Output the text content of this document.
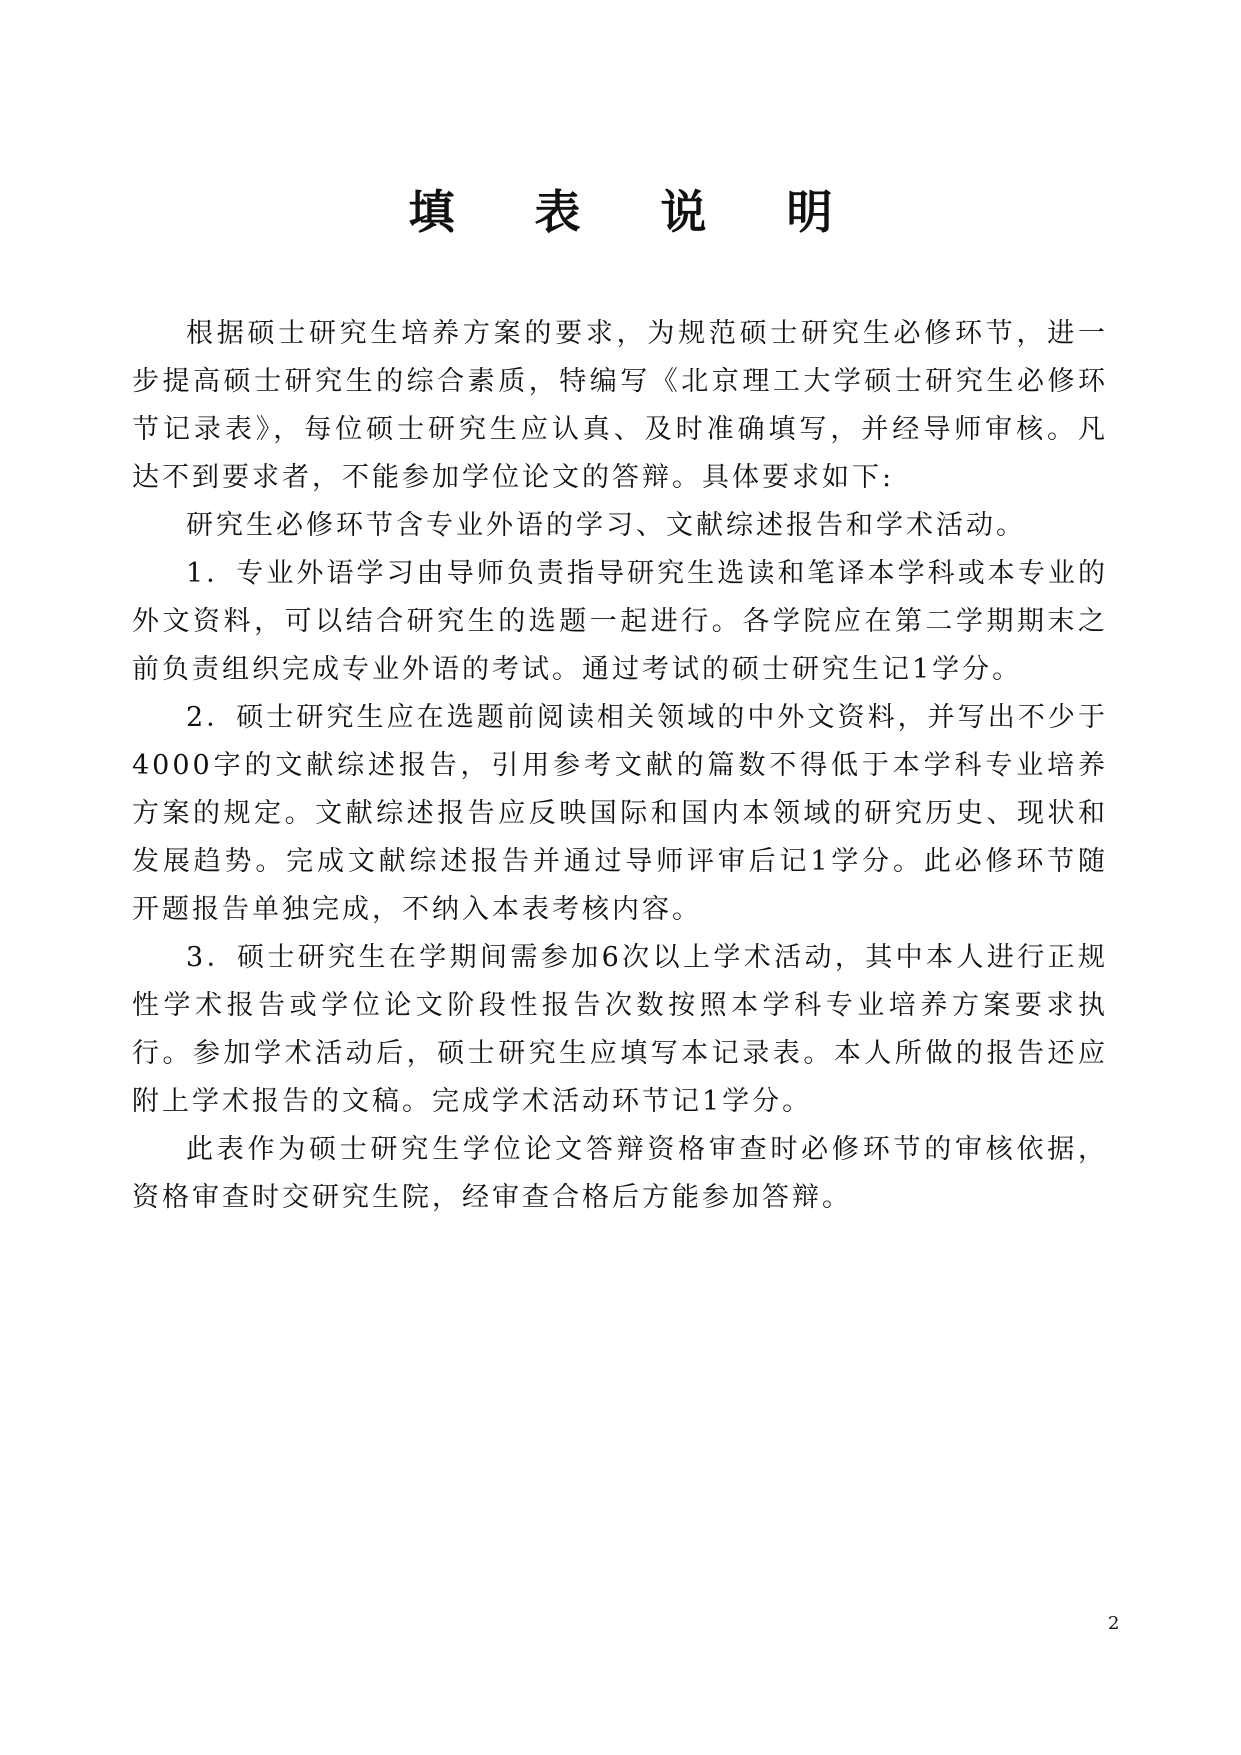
填 表 说 明

根据硕士研究生培养方案的要求，为规范硕士研究生必修环节，进一步提高硕士研究生的综合素质，特编写《北京理工大学硕士研究生必修环节记录表》，每位硕士研究生应认真、及时准确填写，并经导师审核。凡达不到要求者，不能参加学位论文的答辩。具体要求如下:

研究生必修环节含专业外语的学习、文献综述报告和学术活动。

1．专业外语学习由导师负责指导研究生选读和笔译本学科或本专业的外文资料，可以结合研究生的选题一起进行。各学院应在第二学期期末之前负责组织完成专业外语的考试。通过考试的硕士研究生记1学分。

2．硕士研究生应在选题前阅读相关领域的中外文资料，并写出不少于4000字的文献综述报告，引用参考文献的篇数不得低于本学科专业培养方案的规定。文献综述报告应反映国际和国内本领域的研究历史、现状和发展趋势。完成文献综述报告并通过导师评审后记1学分。此必修环节随开题报告单独完成，不纳入本表考核内容。

3．硕士研究生在学期间需参加6次以上学术活动，其中本人进行正规性学术报告或学位论文阶段性报告次数按照本学科专业培养方案要求执行。参加学术活动后，硕士研究生应填写本记录表。本人所做的报告还应附上学术报告的文稿。完成学术活动环节记1学分。

此表作为硕士研究生学位论文答辩资格审查时必修环节的审核依据，资格审查时交研究生院，经审查合格后方能参加答辩。

2
